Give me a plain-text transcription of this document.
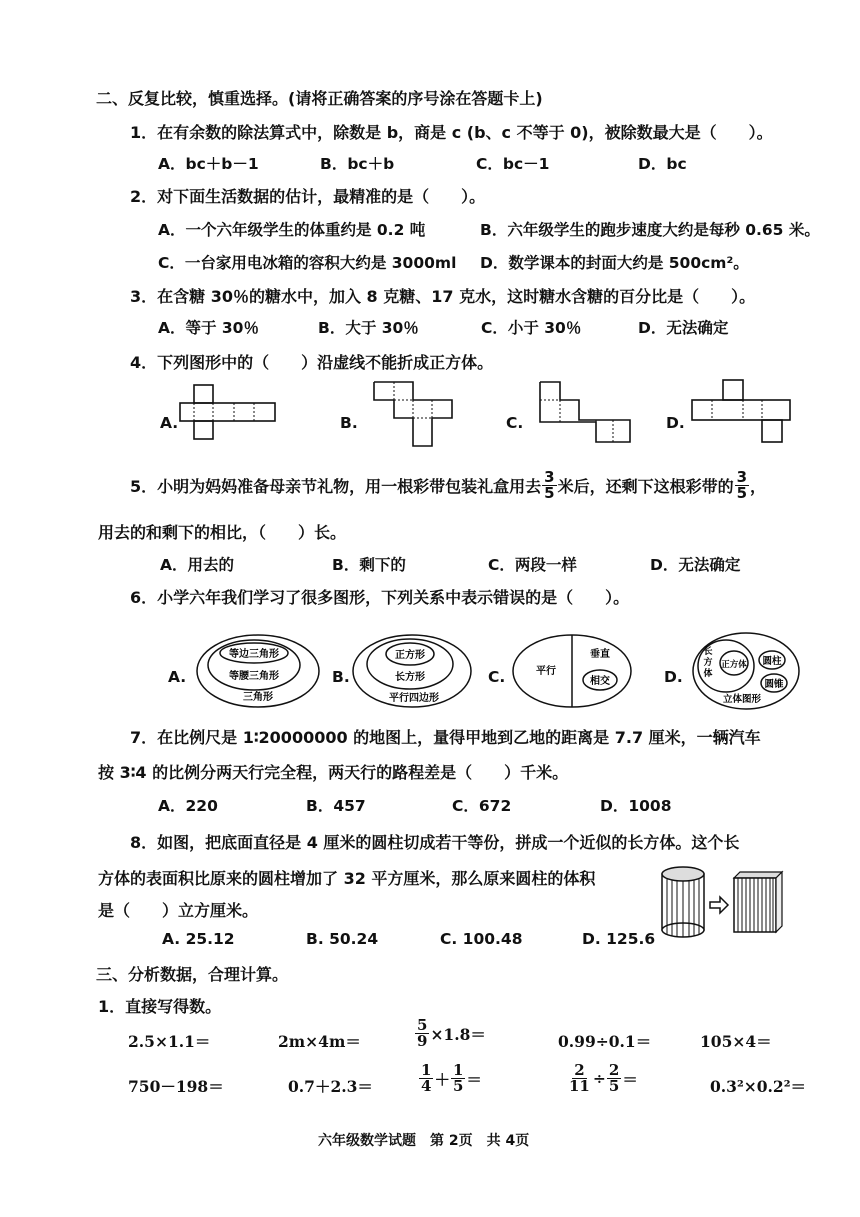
二、反复比较，慎重选择。(请将正确答案的序号涂在答题卡上)
1．在有余数的除法算式中，除数是 b，商是 c (b、c 不等于 0)，被除数最大是（　　）。
A．bc＋b－1	B．bc＋b	C．bc－1	D．bc
2．对下面生活数据的估计，最精准的是（　　）。
A．一个六年级学生的体重约是 0.2 吨	B．六年级学生的跑步速度大约是每秒 0.65 米。
C．一台家用电冰箱的容积大约是 3000ml D．数学课本的封面大约是 500cm²。
3．在含糖 30％的糖水中，加入 8 克糖、17 克水，这时糖水含糖的百分比是（　　）。
A．等于 30％	B．大于 30％	C．小于 30％	D．无法确定
4．下列图形中的（　　）沿虚线不能折成正方体。
A.	B.	C.	D.
5．小明为妈妈准备母亲节礼物，用一根彩带包装礼盒用去 $\frac{3}{5}$ 米后，还剩下这根彩带的 $\frac{3}{5}$ ，
用去的和剩下的相比，（　　）长。
A．用去的	B．剩下的	C．两段一样	D．无法确定
6．小学六年我们学习了很多图形，下列关系中表示错误的是（　　）。
A.
等边三角形
等腰三角形
三角形
B.
正方形
长方形
平行四边形
C.	平行
垂直
相交	D.
长
方
体
正方体 圆柱
圆锥
立体图形
7．在比例尺是 1∶20000000 的地图上，量得甲地到乙地的距离是 7.7 厘米，一辆汽车
按 3∶4 的比例分两天行完全程，两天行的路程差是（　　）千米。
A．220	B．457	C．672	D．1008
8．如图，把底面直径是 4 厘米的圆柱切成若干等份，拼成一个近似的长方体。这个长
方体的表面积比原来的圆柱增加了 32 平方厘米，那么原来圆柱的体积
是（　　）立方厘米。
A. 25.12	B. 50.24	C. 100.48	D. 125.6
三、分析数据，合理计算。
1．直接写得数。
2.5×1.1＝	2m×4m＝	$\frac{5}{9} \times 1.8=$	0.99÷0.1＝	105×4＝
750－198＝	0.7＋2.3＝	$\frac{1}{4} + \frac{1}{5}$ ＝	$\frac{2}{11} \div \frac{2}{5}$ ＝	0.3²×0.2²＝
六年级数学试题　第 2页　共 4页
